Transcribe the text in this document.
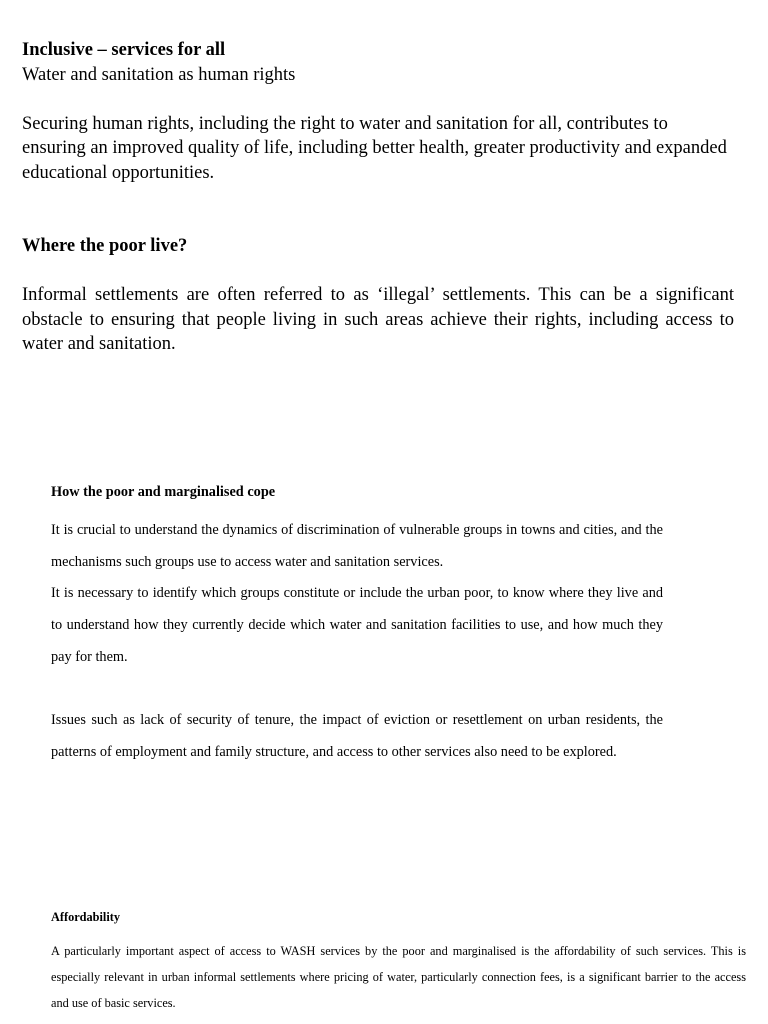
Inclusive – services for all

Water and sanitation as human rights

Securing human rights, including the right to water and sanitation for all, contributes to ensuring an improved quality of life, including better health, greater productivity and expanded educational opportunities.

Where the poor live?

Informal settlements are often referred to as ‘illegal’ settlements. This can be a significant obstacle to ensuring that people living in such areas achieve their rights, including access to water and sanitation.

How the poor and marginalised cope

It is crucial to understand the dynamics of discrimination of vulnerable groups in towns and cities, and the mechanisms such groups use to access water and sanitation services.

It is necessary to identify which groups constitute or include the urban poor, to know where they live and to understand how they currently decide which water and sanitation facilities to use, and how much they pay for them.

Issues such as lack of security of tenure, the impact of eviction or resettlement on urban residents, the patterns of employment and family structure, and access to other services also need to be explored.

Affordability

A particularly important aspect of access to WASH services by the poor and marginalised is the affordability of such services. This is especially relevant in urban informal settlements where pricing of water, particularly connection fees, is a significant barrier to the access and use of basic services.
